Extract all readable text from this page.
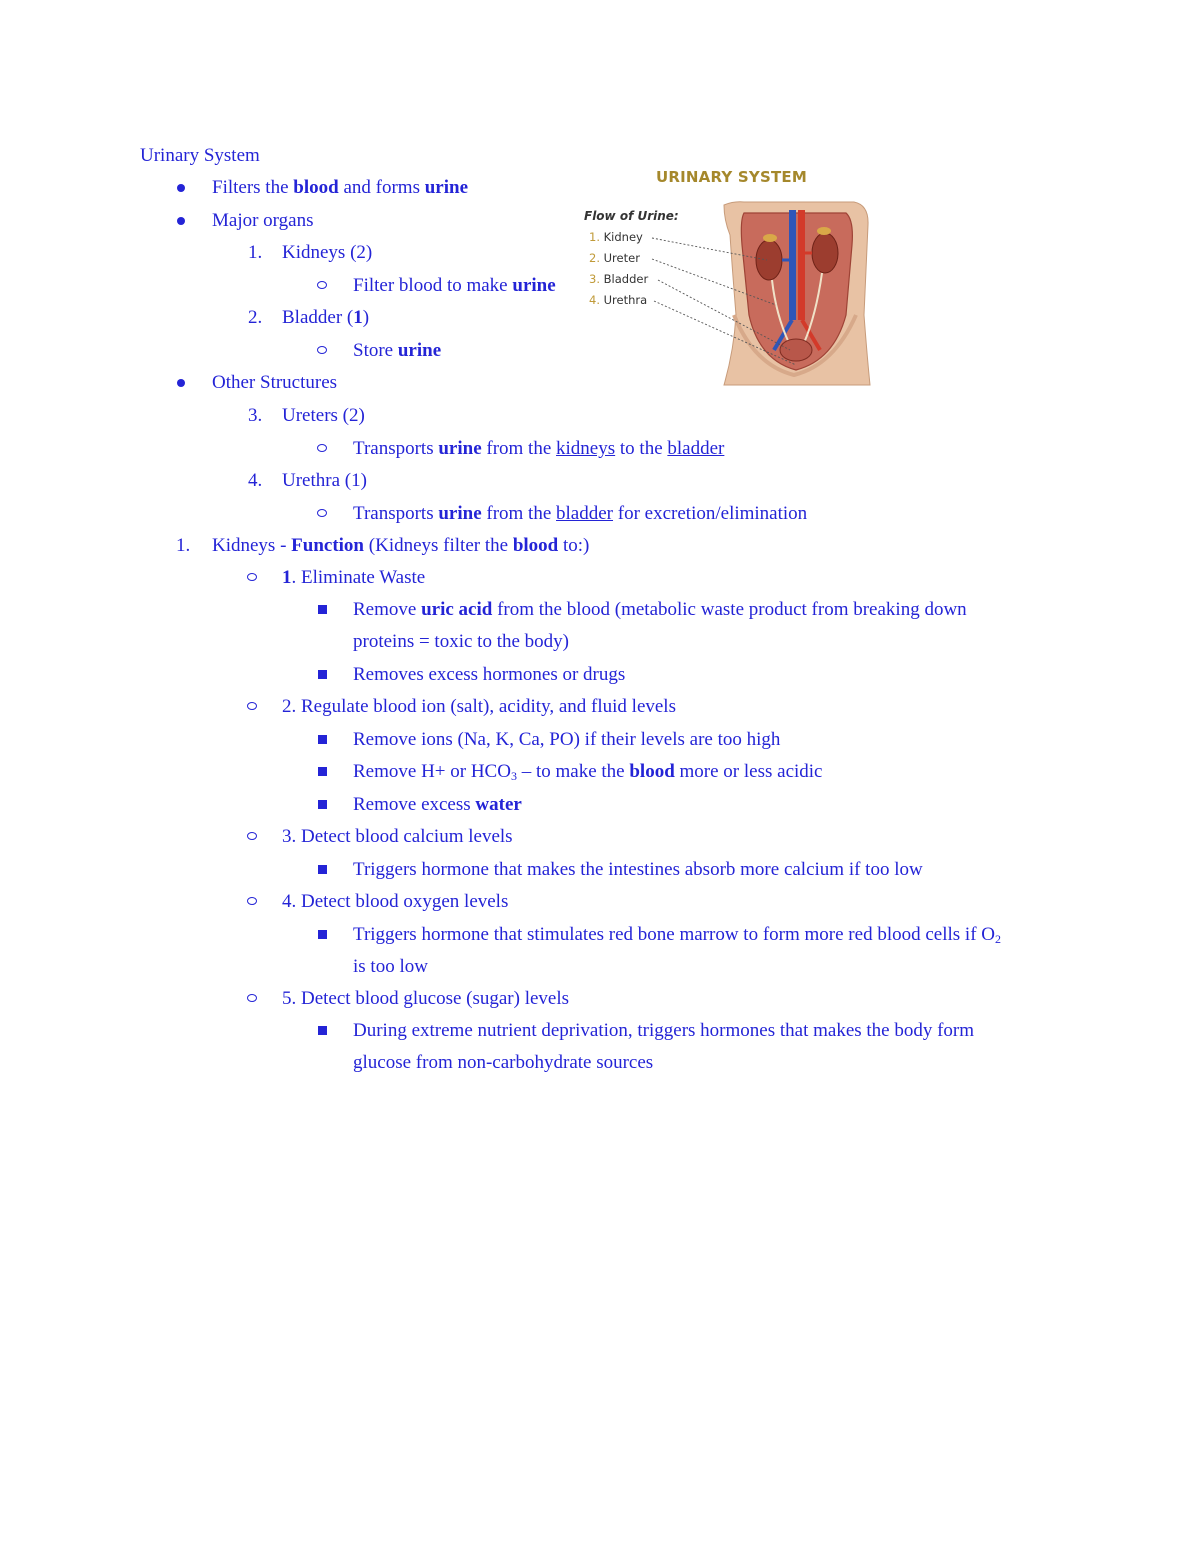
Urinary System
Filters the blood and forms urine
Major organs
1. Kidneys (2)
Filter blood to make urine
2. Bladder (1)
Store urine
Other Structures
3. Ureters (2)
Transports urine from the kidneys to the bladder
4. Urethra (1)
Transports urine from the bladder for excretion/elimination
1. Kidneys - Function (Kidneys filter the blood to:)
1. Eliminate Waste
Remove uric acid from the blood (metabolic waste product from breaking down
proteins = toxic to the body)
Removes excess hormones or drugs
2. Regulate blood ion (salt), acidity, and fluid levels
Remove ions (Na, K, Ca, PO) if their levels are too high
Remove H+ or $HCO_3$ – to make the blood more or less acidic
Remove excess water
3. Detect blood calcium levels
Triggers hormone that makes the intestines absorb more calcium if too low
4. Detect blood oxygen levels
Triggers hormone that stimulates red bone marrow to form more red blood cells if $O_2$
is too low
5. Detect blood glucose (sugar) levels
During extreme nutrient deprivation, triggers hormones that makes the body form
glucose from non-carbohydrate sources
URINARY SYSTEM
Flow of Urine:
1. Kidney
2. Ureter
3. Bladder
4. Urethra
